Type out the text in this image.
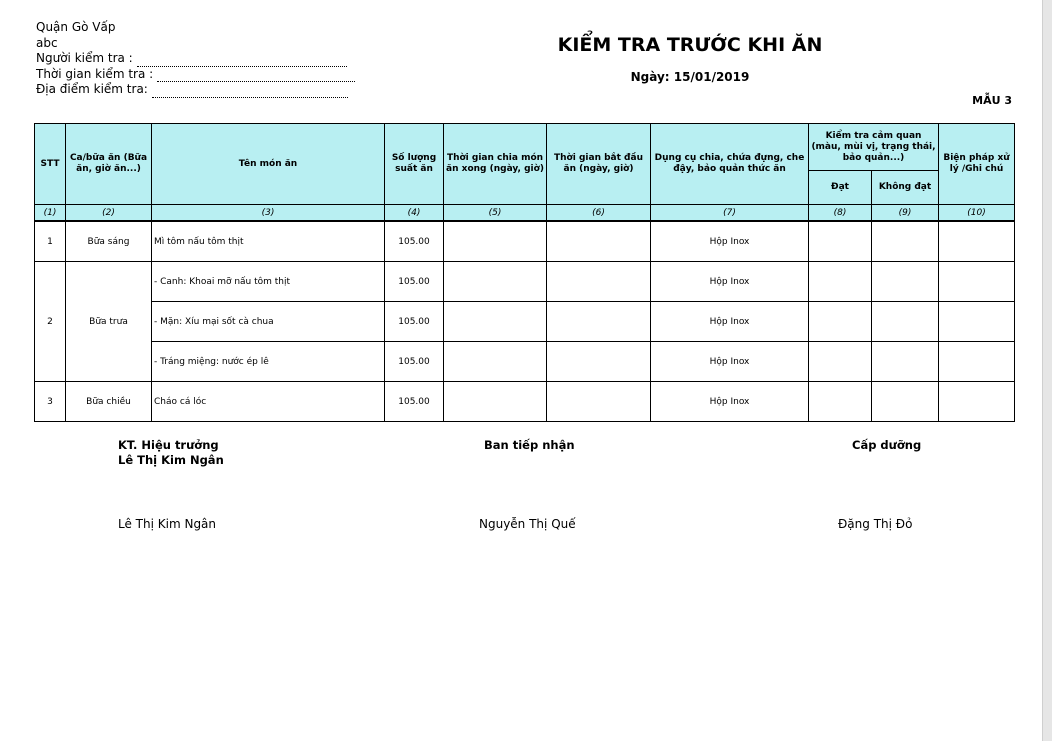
Quận Gò Vấp
abc
Người kiểm tra :
Thời gian kiểm tra :
Địa điểm kiểm tra:
KIỂM TRA TRƯỚC KHI ĂN
Ngày: 15/01/2019
MẪU 3
STT	Ca/bữa ăn (Bữa ăn, giờ ăn...)	Tên món ăn	Số lượng suất ăn	Thời gian chia món ăn xong (ngày, giờ)	Thời gian bắt đầu ăn (ngày, giờ)	Dụng cụ chia, chứa đựng, che đậy, bảo quản thức ăn	Kiểm tra cảm quan (màu, mùi vị, trạng thái, bảo quản...)		Biện pháp xử lý /Ghi chú
							Đạt	Không đạt	
(1)	(2)	(3)	(4)	(5)	(6)	(7)	(8)	(9)	(10)
1	Bữa sáng	Mì tôm nấu tôm thịt	105.00			Hộp Inox			
2	Bữa trưa	- Canh: Khoai mỡ nấu tôm thịt	105.00			Hộp Inox			
		- Mặn: Xíu mại sốt cà chua	105.00			Hộp Inox			
		- Tráng miệng: nước ép lê	105.00			Hộp Inox			
3	Bữa chiều	Cháo cá lóc	105.00			Hộp Inox			
KT. Hiệu trưởng
Lê Thị Kim Ngân
Ban tiếp nhận	Cấp dưỡng
Lê Thị Kim Ngân	Nguyễn Thị Quế	Đặng Thị Đỏ
